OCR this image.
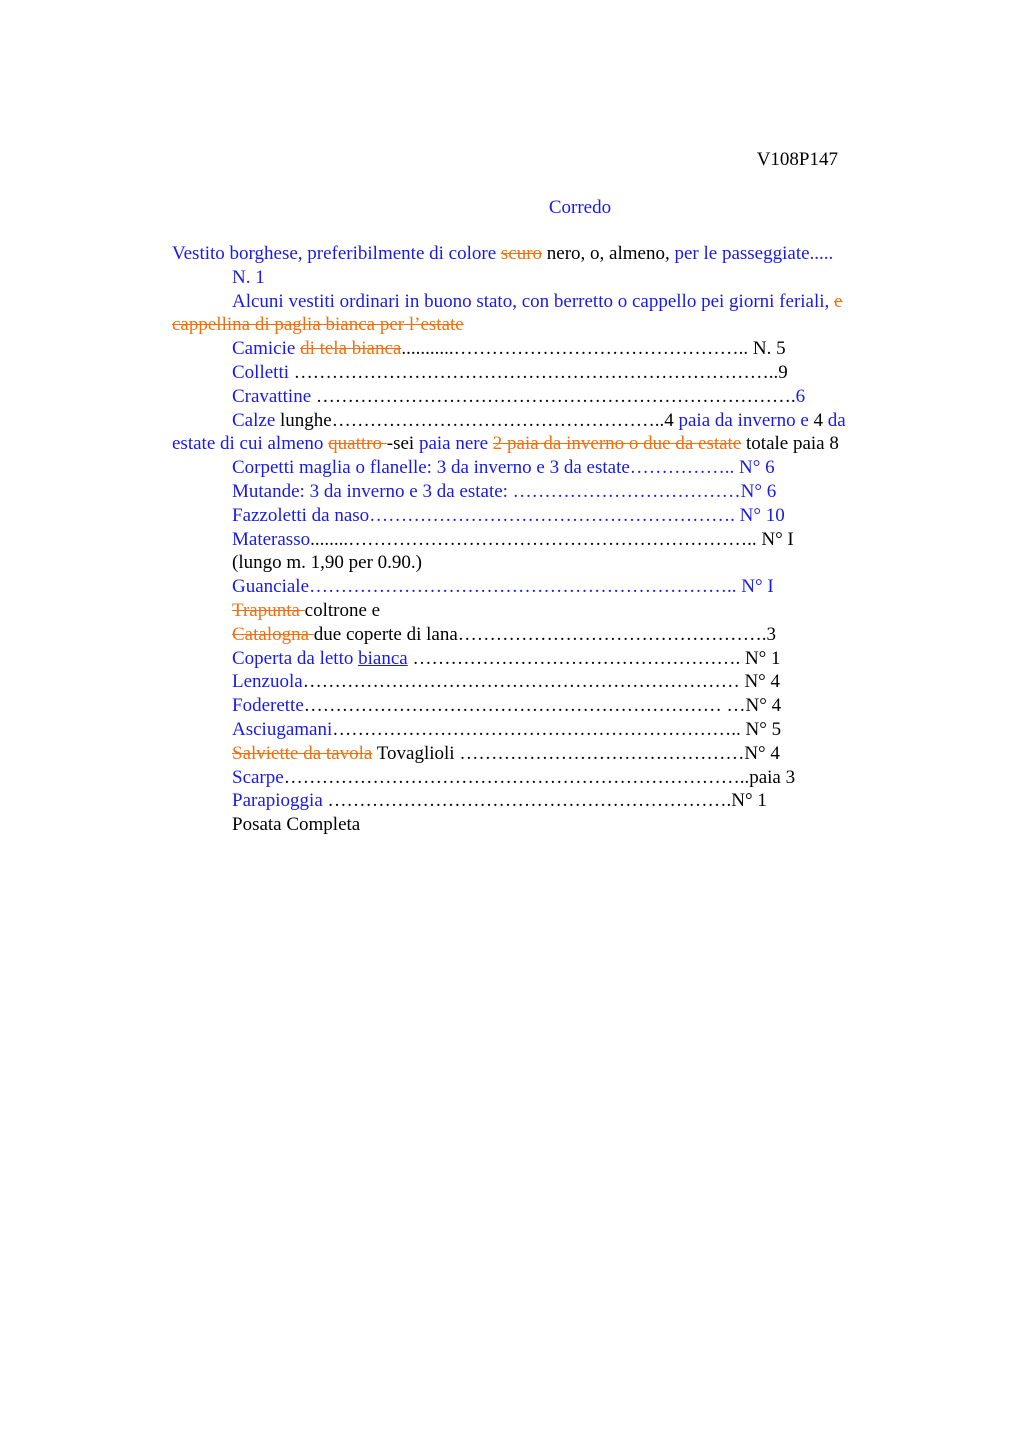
V108P147
Corredo

Vestito borghese, preferibilmente di colore scuro nero, o, almeno, per le passeggiate.....

N. 1

Alcuni vestiti ordinari in buono stato, con berretto o cappello pei giorni feriali, e

cappellina di paglia bianca per l’estate

Camicie di tela bianca...........……………………………………….. N. 5

Colletti …………………………………………………………………..9

Cravattine ………………………………………………………………….6

Calze lunghe……………………………………………..4 paia da inverno e 4 da

estate di cui almeno quattro -sei paia nere 2 paia da inverno o due da estate totale paia 8

Corpetti maglia o flanelle: 3 da inverno e 3 da estate…………….. N° 6

Mutande: 3 da inverno e 3 da estate: ………………………………N° 6

Fazzoletti da naso…………………………………………………. N° 10

Materasso........……………………………………………………….. N° I

(lungo m. 1,90 per 0.90.)

Guanciale………………………………………………………….. N° I

Trapunta coltrone e

Catalogna due coperte di lana………………………………………….3

Coperta da letto bianca ……………………………………………. N° 1

Lenzuola…………………………………………………………… N° 4

Foderette………………………………………………………… …N° 4

Asciugamani……………………………………………………….. N° 5

Salviette da tavola Tovaglioli ………………………………………N° 4

Scarpe………………………………………………………………..paia 3

Parapioggia ……………………………………………………….N° 1

Posata Completa
